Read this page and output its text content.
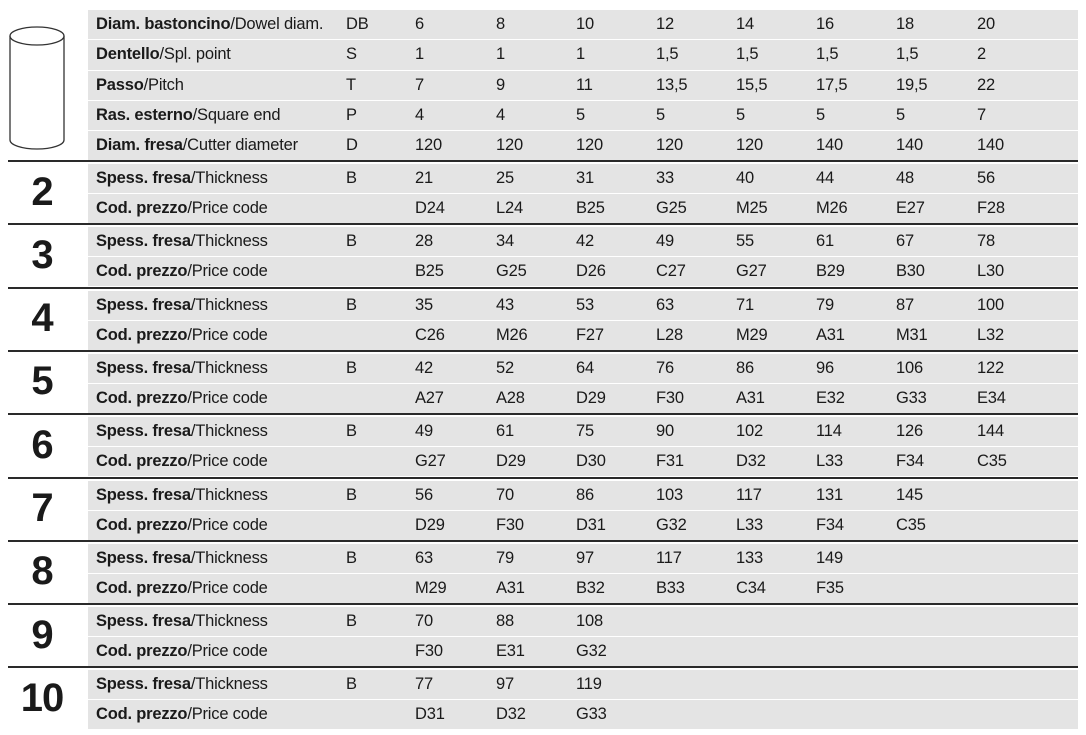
Diam. bastoncino /Dowel diam. DB	6	8	10	12	14	16	18	20
Dentello /Spl. point	S	1	1	1	1,5	1,5	1,5	1,5	2
Passo /Pitch	T	7	9	11	13,5	15,5	17,5	19,5	22
Ras. esterno /Square end	P	4	4	5	5	5	5	5	7
Diam. fresa /Cutter diameter	D	120	120	120	120	120	140	140	140
2	Spess. fresa /Thickness	B	21	25	31	33	40	44	48	56
Cod. prezzo /Price code	D24	L24	B25	G25	M25	M26	E27	F28
3	Spess. fresa /Thickness	B	28	34	42	49	55	61	67	78
Cod. prezzo /Price code	B25	G25	D26	C27	G27	B29	B30	L30
4	Spess. fresa /Thickness	B	35	43	53	63	71	79	87	100
Cod. prezzo /Price code	C26	M26	F27	L28	M29	A31	M31	L32
5	Spess. fresa /Thickness	B	42	52	64	76	86	96	106	122
Cod. prezzo /Price code	A27	A28	D29	F30	A31	E32	G33	E34
6	Spess. fresa /Thickness	B	49	61	75	90	102	114	126	144
Cod. prezzo /Price code	G27	D29	D30	F31	D32	L33	F34	C35
7	Spess. fresa /Thickness	B	56	70	86	103	117	131	145
Cod. prezzo /Price code	D29	F30	D31	G32	L33	F34	C35
8	Spess. fresa /Thickness	B	63	79	97	117	133	149
Cod. prezzo /Price code	M29	A31	B32	B33	C34	F35
9	Spess. fresa /Thickness	B	70	88	108
Cod. prezzo /Price code	F30	E31	G32
10	Spess. fresa /Thickness	B	77	97	119
Cod. prezzo /Price code	D31	D32	G33
